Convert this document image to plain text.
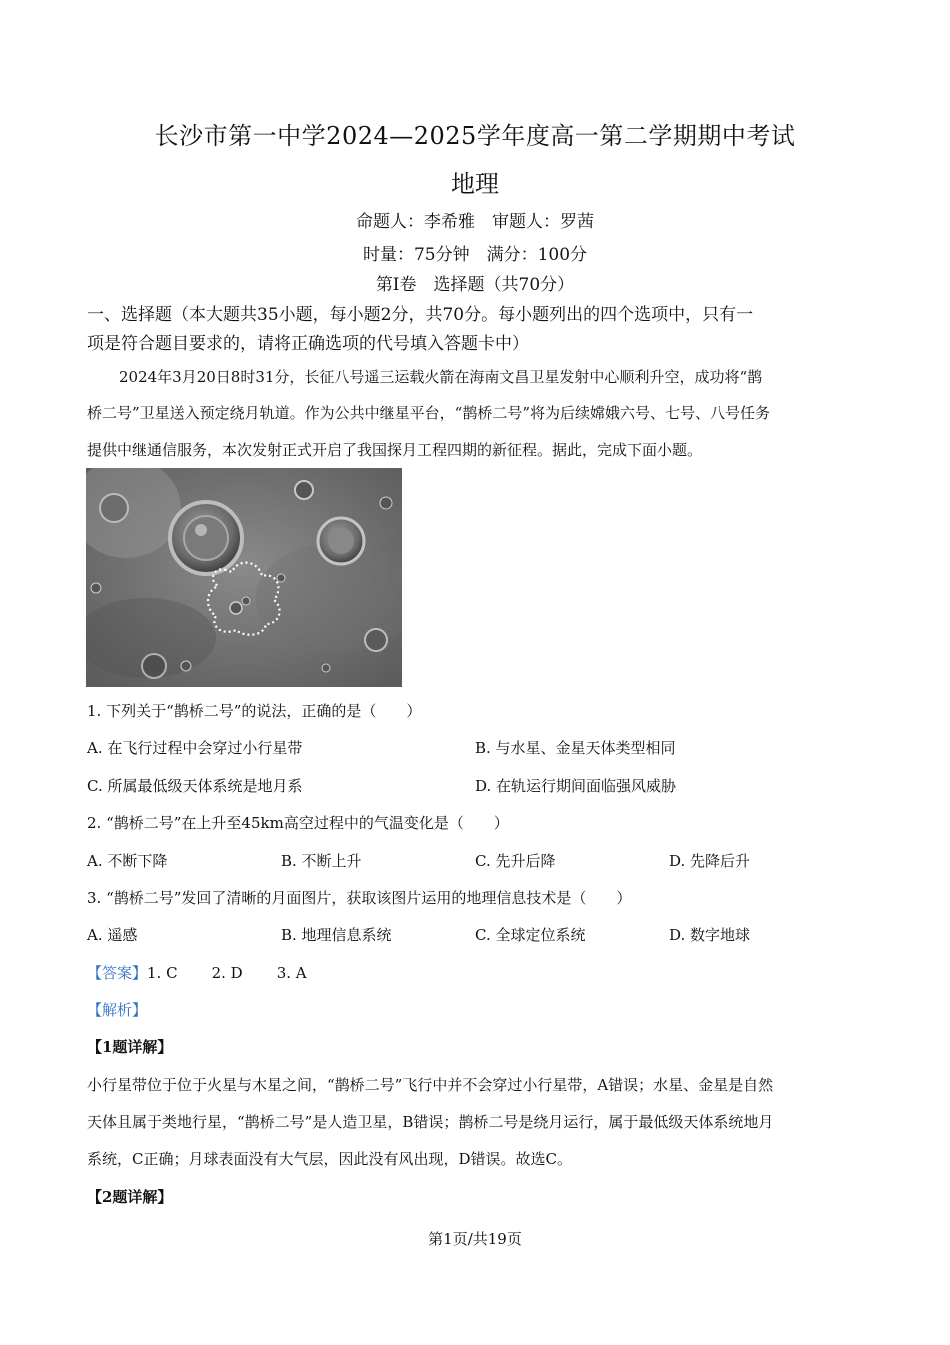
长沙市第一中学2024—2025学年度高一第二学期期中考试
地理
命题人：李希雅　审题人：罗茜
时量：75分钟　满分：100分
第Ⅰ卷　选择题（共70分）
一、选择题（本大题共35小题，每小题2分，共70分。每小题列出的四个选项中，只有一
项是符合题目要求的，请将正确选项的代号填入答题卡中）
2024年3月20日8时31分，长征八号遥三运载火箭在海南文昌卫星发射中心顺利升空，成功将“鹊
桥二号”卫星送入预定绕月轨道。作为公共中继星平台，“鹊桥二号”将为后续嫦娥六号、七号、八号任务
提供中继通信服务，本次发射正式开启了我国探月工程四期的新征程。据此，完成下面小题。
1. 下列关于“鹊桥二号”的说法，正确的是（　　）
A. 在飞行过程中会穿过小行星带	B. 与水星、金星天体类型相同
C. 所属最低级天体系统是地月系	D. 在轨运行期间面临强风威胁
2. “鹊桥二号”在上升至45km高空过程中的气温变化是（　　）
A. 不断下降	B. 不断上升	C. 先升后降	D. 先降后升
3. “鹊桥二号”发回了清晰的月面图片，获取该图片运用的地理信息技术是（　　）
A. 遥感	B. 地理信息系统	C. 全球定位系统	D. 数字地球
【答案】1. C 2. D 3. A
【解析】
【1题详解】
小行星带位于位于火星与木星之间，“鹊桥二号”飞行中并不会穿过小行星带，A错误；水星、金星是自然
天体且属于类地行星，“鹊桥二号”是人造卫星，B错误；鹊桥二号是绕月运行，属于最低级天体系统地月
系统，C正确；月球表面没有大气层，因此没有风出现，D错误。故选C。
【2题详解】
第1页/共19页
